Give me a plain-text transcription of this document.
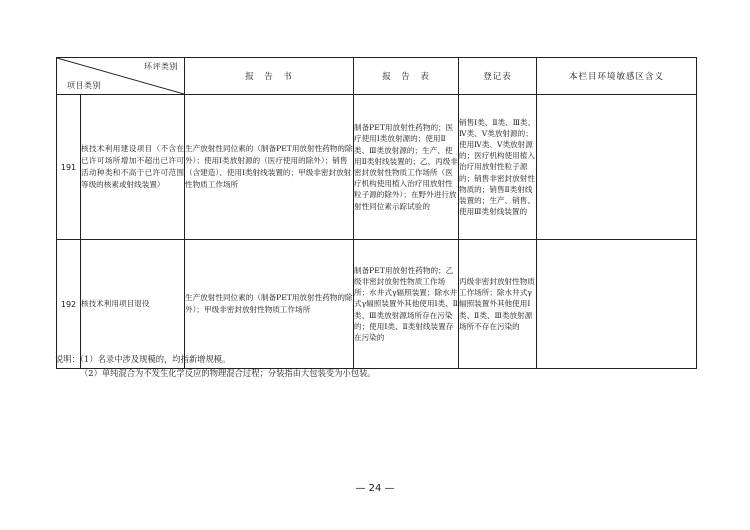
环评类别
项目类别		报　告　书	报　告　表	登记表	本栏目环境敏感区含义
191	核技术利用建设项目（不含在已许可场所增加不超出已许可活动种类和不高于已许可范围等级的核素或射线装置）	生产放射性同位素的（制备PET用放射性药物的除外）；使用Ⅰ类放射源的（医疗使用的除外）；销售（含建造）、使用Ⅰ类射线装置的；甲级非密封放射性物质工作场所	制备PET用放射性药物的；医疗使用Ⅰ类放射源的；使用Ⅱ类、Ⅲ类放射源的；生产、使用Ⅱ类射线装置的；乙、丙级非密封放射性物质工作场所（医疗机构使用植入治疗用放射性粒子源的除外）；在野外进行放射性同位素示踪试验的	销售Ⅰ类、Ⅱ类、Ⅲ类、Ⅳ类、Ⅴ类放射源的；使用Ⅳ类、Ⅴ类放射源的；医疗机构使用植入治疗用放射性粒子源的；销售非密封放射性物质的；销售Ⅱ类射线装置的；生产、销售、使用Ⅲ类射线装置的	
192	核技术利用项目退役	生产放射性同位素的（制备PET用放射性药物的除外）；甲级非密封放射性物质工作场所	制备PET用放射性药物的；乙级非密封放射性物质工作场所；水井式γ辐照装置；除水井式γ辐照装置外其他使用Ⅰ类、Ⅱ类、Ⅲ类放射源场所存在污染的；使用Ⅰ类、Ⅱ类射线装置存在污染的	丙级非密封放射性物质工作场所；除水井式γ辐照装置外其他使用Ⅰ类、Ⅱ类、Ⅲ类放射源场所不存在污染的	
说明：（1）名录中涉及规模的，均指新增规模。
（2）单纯混合为不发生化学反应的物理混合过程；分装指由大包装变为小包装。
— 24 —
